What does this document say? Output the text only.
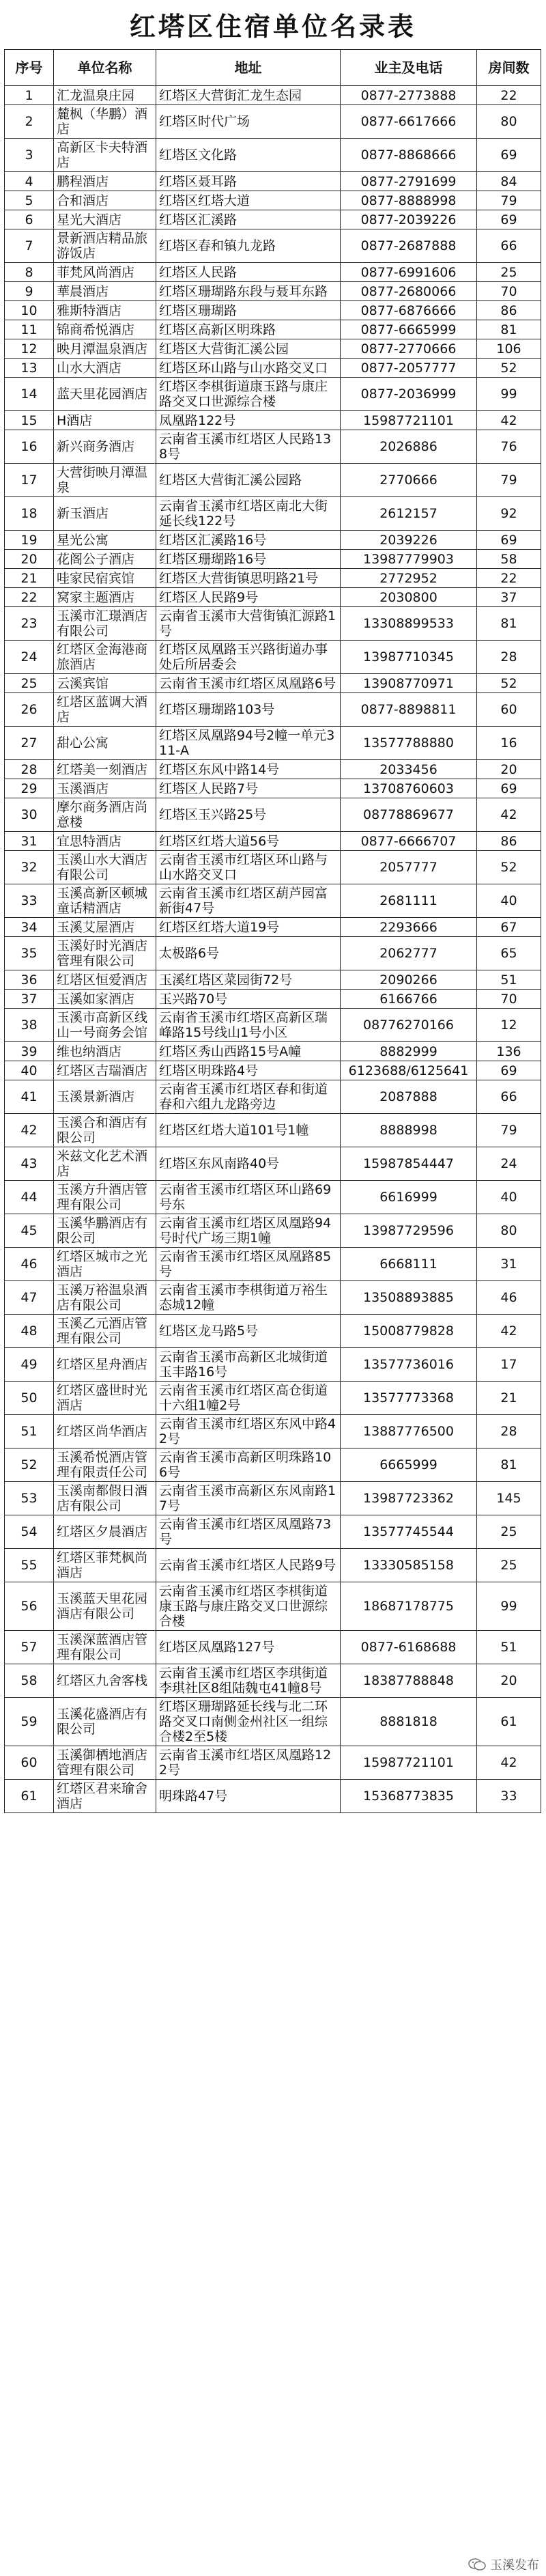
红塔区住宿单位名录表
序号	单位名称	地址	业主及电话	房间数
1	汇龙温泉庄园	红塔区大营街汇龙生态园	0877-2773888	22
2	麓枫（华鹏）酒店	红塔区时代广场	0877-6617666	80
3	高新区卡夫特酒店	红塔区文化路	0877-8868666	69
4	鹏程酒店	红塔区聂耳路	0877-2791699	84
5	合和酒店	红塔区红塔大道	0877-8888998	79
6	星光大酒店	红塔区汇溪路	0877-2039226	69
7	景新酒店精品旅游饭店	红塔区春和镇九龙路	0877-2687888	66
8	菲梵风尚酒店	红塔区人民路	0877-6991606	25
9	華晨酒店	红塔区珊瑚路东段与聂耳东路	0877-2680066	70
10	雅斯特酒店	红塔区珊瑚路	0877-6876666	86
11	锦商希悦酒店	红塔区高新区明珠路	0877-6665999	81
12	映月潭温泉酒店	红塔区大营街汇溪公园	0877-2770666	106
13	山水大酒店	红塔区环山路与山水路交叉口	0877-2057777	52
14	蓝天里花园酒店	红塔区李棋街道康玉路与康庄路交叉口世源综合楼	0877-2036999	99
15	H酒店	凤凰路122号	15987721101	42
16	新兴商务酒店	云南省玉溪市红塔区人民路138号	2026886	76
17	大营街映月潭温泉	红塔区大营街汇溪公园路	2770666	79
18	新玉酒店	云南省玉溪市红塔区南北大街延长线122号	2612157	92
19	星光公寓	红塔区汇溪路16号	2039226	69
20	花阁公子酒店	红塔区珊瑚路16号	13987779903	58
21	哇家民宿宾馆	红塔区大营街镇思明路21号	2772952	22
22	窝家主题酒店	红塔区人民路9号	2030800	37
23	玉溪市汇璟酒店有限公司	云南省玉溪市大营街镇汇源路1号	13308899533	81
24	红塔区金海港商旅酒店	红塔区凤凰路玉兴路街道办事处后所居委会	13987710345	28
25	云溪宾馆	云南省玉溪市红塔区凤凰路6号	13908770971	52
26	红塔区蓝调大酒店	红塔区珊瑚路103号	0877-8898811	60
27	甜心公寓	红塔区凤凰路94号2幢一单元311-A	13577788880	16
28	红塔美一刻酒店	红塔区东风中路14号	2033456	20
29	玉溪酒店	红塔区人民路7号	13708760603	69
30	摩尔商务酒店尚意楼	红塔区玉兴路25号	08778869677	42
31	宜思特酒店	红塔区红塔大道56号	0877-6666707	86
32	玉溪山水大酒店有限公司	云南省玉溪市红塔区环山路与山水路交叉口	2057777	52
33	玉溪高新区顿城童话精酒店	云南省玉溪市红塔区葫芦园富新街47号	2681111	40
34	玉溪艾屋酒店	红塔区红塔大道19号	2293666	67
35	玉溪好时光酒店管理有限公司	太极路6号	2062777	65
36	红塔区恒爱酒店	玉溪红塔区菜园街72号	2090266	51
37	玉溪如家酒店	玉兴路70号	6166766	70
38	玉溪市高新区线山一号商务会馆	云南省玉溪市红塔区高新区瑞峰路15号线山1号小区	08776270166	12
39	维也纳酒店	红塔区秀山西路15号A幢	8882999	136
40	红塔区吉瑞酒店	红塔区明珠路4号	6123688/6125641	69
41	玉溪景新酒店	云南省玉溪市红塔区春和街道春和六组九龙路旁边	2087888	66
42	玉溪合和酒店有限公司	红塔区红塔大道101号1幢	8888998	79
43	米兹文化艺术酒店	红塔区东风南路40号	15987854447	24
44	玉溪方升酒店管理有限公司	云南省玉溪市红塔区环山路69号东	6616999	40
45	玉溪华鹏酒店有限公司	云南省玉溪市红塔区凤凰路94号时代广场三期1幢	13987729596	80
46	红塔区城市之光酒店	云南省玉溪市红塔区凤凰路85号	6668111	31
47	玉溪万裕温泉酒店有限公司	云南省玉溪市李棋街道万裕生态城12幢	13508893885	46
48	玉溪乙元酒店管理有限公司	红塔区龙马路5号	15008779828	42
49	红塔区星舟酒店	云南省玉溪市高新区北城街道玉丰路16号	13577736016	17
50	红塔区盛世时光酒店	云南省玉溪市红塔区高仓街道十六组1幢2号	13577773368	21
51	红塔区尚华酒店	云南省玉溪市红塔区东风中路42号	13887776500	28
52	玉溪希悦酒店管理有限责任公司	云南省玉溪市高新区明珠路106号	6665999	81
53	玉溪南都假日酒店有限公司	云南省玉溪市高新区东风南路17号	13987723362	145
54	红塔区夕晨酒店	云南省玉溪市红塔区凤凰路73号	13577745544	25
55	红塔区菲梵枫尚酒店	云南省玉溪市红塔区人民路9号	13330585158	25
56	玉溪蓝天里花园酒店有限公司	云南省玉溪市红塔区李棋街道康玉路与康庄路交叉口世源综合楼	18687178775	99
57	玉溪深蓝酒店管理有限公司	红塔区凤凰路127号	0877-6168688	51
58	红塔区九舍客栈	云南省玉溪市红塔区李琪街道李琪社区8组陆魏屯41幢8号	18387788848	20
59	玉溪花盛酒店有限公司	红塔区珊瑚路延长线与北二环路交叉口南侧金州社区一组综合楼2至5楼	8881818	61
60	玉溪御栖地酒店管理有限公司	云南省玉溪市红塔区凤凰路122号	15987721101	42
61	红塔区君来瑜舍酒店	明珠路47号	15368773835	33
玉溪发布
